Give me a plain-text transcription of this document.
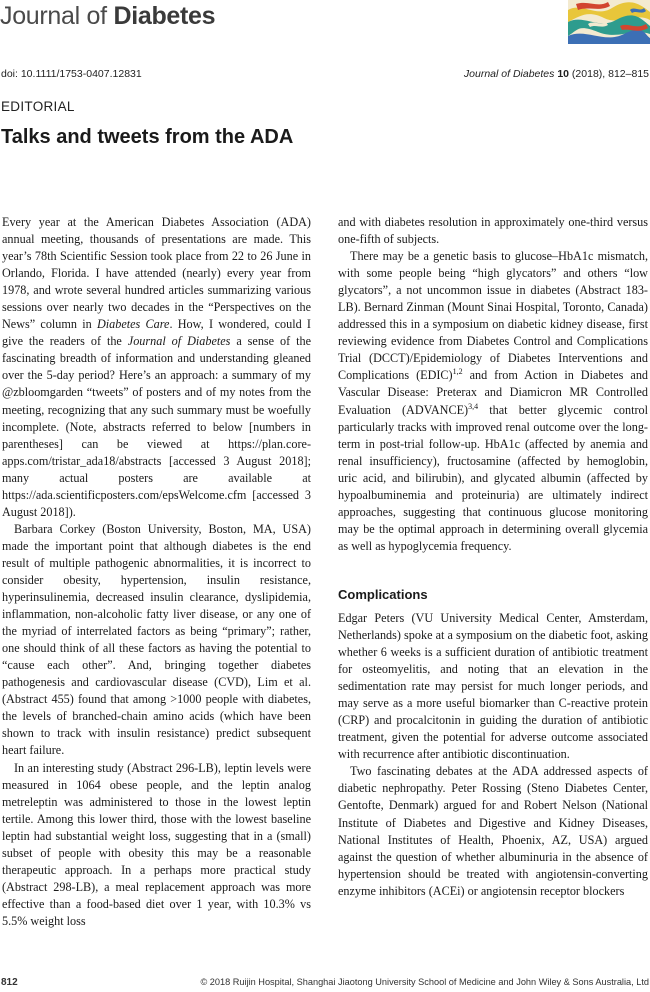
Journal of Diabetes
doi: 10.1111/1753-0407.12831	Journal of Diabetes 10 (2018), 812–815
EDITORIAL
Talks and tweets from the ADA

Every year at the American Diabetes Association (ADA) annual meeting, thousands of presentations are made. This year’s 78th Scientific Session took place from 22 to 26 June in Orlando, Florida. I have attended (nearly) every year from 1978, and wrote several hundred articles summarizing various sessions over nearly two decades in the “Perspectives on the News” column in Diabetes Care. How, I wondered, could I give the readers of the Journal of Diabetes a sense of the fascinating breadth of information and understanding gleaned over the 5-day period? Here’s an approach: a summary of my @zbloomgarden “tweets” of posters and of my notes from the meeting, recognizing that any such summary must be woefully incomplete. (Note, abstracts referred to below [numbers in parentheses] can be viewed at https://plan.core-apps.com/tristar_ada18/abstracts [accessed 3 August 2018]; many actual posters are available at https://ada.scientificposters.com/epsWelcome.cfm [accessed 3 August 2018]).

Barbara Corkey (Boston University, Boston, MA, USA) made the important point that although diabetes is the end result of multiple pathogenic abnormalities, it is incorrect to consider obesity, hypertension, insulin resistance, hyperinsulinemia, decreased insulin clearance, dyslipidemia, inflammation, non-alcoholic fatty liver disease, or any one of the myriad of interrelated factors as being “primary”; rather, one should think of all these factors as having the potential to “cause each other”. And, bringing together diabetes pathogenesis and cardiovascular disease (CVD), Lim et al. (Abstract 455) found that among >1000 people with diabetes, the levels of branched-chain amino acids (which have been shown to track with insulin resistance) predict subsequent heart failure.

In an interesting study (Abstract 296-LB), leptin levels were measured in 1064 obese people, and the leptin analog metreleptin was administered to those in the lowest leptin tertile. Among this lower third, those with the lowest baseline leptin had substantial weight loss, suggesting that in a (small) subset of people with obesity this may be a reasonable therapeutic approach. In a perhaps more practical study (Abstract 298-LB), a meal replacement approach was more effective than a food-based diet over 1 year, with 10.3% vs 5.5% weight loss

and with diabetes resolution in approximately one-third versus one-fifth of subjects.

There may be a genetic basis to glucose–HbA1c mismatch, with some people being “high glycators” and others “low glycators”, a not uncommon issue in diabetes (Abstract 183-LB). Bernard Zinman (Mount Sinai Hospital, Toronto, Canada) addressed this in a symposium on diabetic kidney disease, first reviewing evidence from Diabetes Control and Complications Trial (DCCT)/Epidemiology of Diabetes Interventions and Complications (EDIC)$^{1,2}$ and from Action in Diabetes and Vascular Disease: Preterax and Diamicron MR Controlled Evaluation (ADVANCE)$^{3,4}$ that better glycemic control particularly tracks with improved renal outcome over the long-term in post-trial follow-up. HbA1c (affected by anemia and renal insufficiency), fructosamine (affected by hemoglobin, uric acid, and bilirubin), and glycated albumin (affected by hypoalbuminemia and proteinuria) are ultimately indirect approaches, suggesting that continuous glucose monitoring may be the optimal approach in determining overall glycemia as well as hypoglycemia frequency.

Complications

Edgar Peters (VU University Medical Center, Amsterdam, Netherlands) spoke at a symposium on the diabetic foot, asking whether 6 weeks is a sufficient duration of antibiotic treatment for osteomyelitis, and noting that an elevation in the sedimentation rate may persist for much longer periods, and may serve as a more useful biomarker than C-reactive protein (CRP) and procalcitonin in guiding the duration of antibiotic treatment, given the potential for adverse outcome associated with recurrence after antibiotic discontinuation.

Two fascinating debates at the ADA addressed aspects of diabetic nephropathy. Peter Rossing (Steno Diabetes Center, Gentofte, Denmark) argued for and Robert Nelson (National Institute of Diabetes and Digestive and Kidney Diseases, National Institutes of Health, Phoenix, AZ, USA) argued against the question of whether albuminuria in the absence of hypertension should be treated with angiotensin-converting enzyme inhibitors (ACEi) or angiotensin receptor blockers

812	© 2018 Ruijin Hospital, Shanghai Jiaotong University School of Medicine and John Wiley & Sons Australia, Ltd
